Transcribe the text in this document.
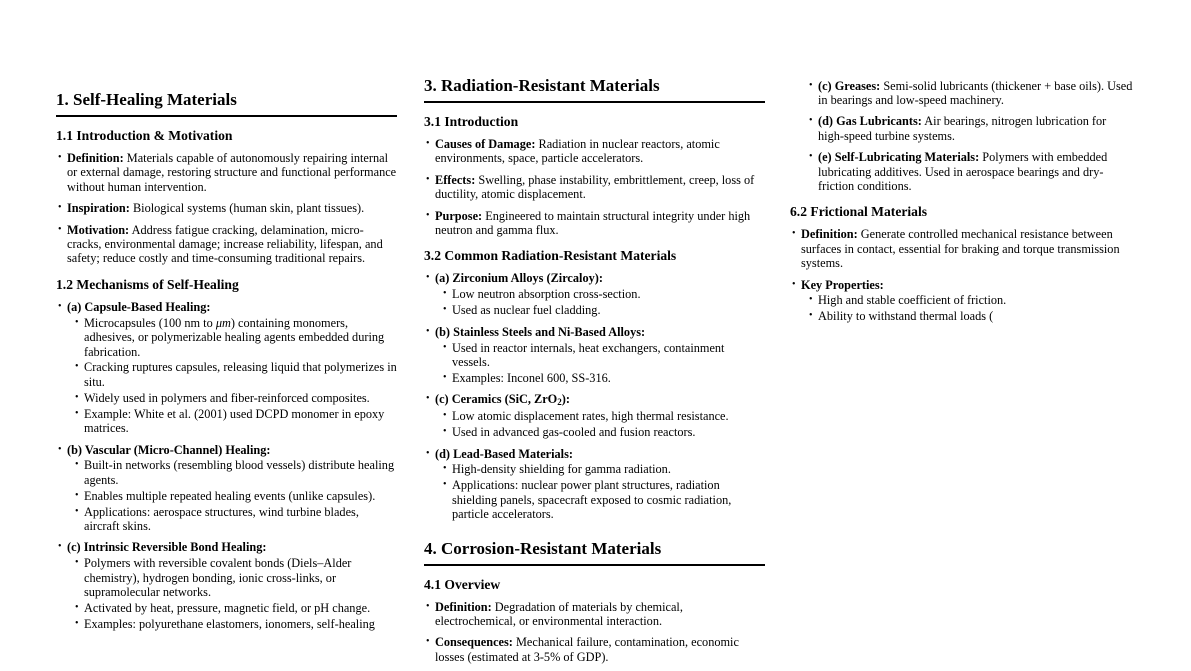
1. Self-Healing Materials
1.1 Introduction & Motivation
• Definition: Materials capable of autonomously repairing internal or external damage, restoring structure and functional performance without human intervention.
• Inspiration: Biological systems (human skin, plant tissues).
• Motivation: Address fatigue cracking, delamination, micro-cracks, environmental damage; increase reliability, lifespan, and safety; reduce costly and time-consuming traditional repairs.
1.2 Mechanisms of Self-Healing
• (a) Capsule-Based Healing:
• Microcapsules (100 nm to μm) containing monomers, adhesives, or polymerizable healing agents embedded during fabrication.
• Cracking ruptures capsules, releasing liquid that polymerizes in situ.
• Widely used in polymers and fiber-reinforced composites.
• Example: White et al. (2001) used DCPD monomer in epoxy matrices.
• (b) Vascular (Micro-Channel) Healing:
• Built-in networks (resembling blood vessels) distribute healing agents.
• Enables multiple repeated healing events (unlike capsules).
• Applications: aerospace structures, wind turbine blades, aircraft skins.
• (c) Intrinsic Reversible Bond Healing:
• Polymers with reversible covalent bonds (Diels–Alder chemistry), hydrogen bonding, ionic cross-links, or supramolecular networks.
• Activated by heat, pressure, magnetic field, or pH change.
• Examples: polyurethane elastomers, ionomers, self-healing
3. Radiation-Resistant Materials
3.1 Introduction
• Causes of Damage: Radiation in nuclear reactors, atomic environments, space, particle accelerators.
• Effects: Swelling, phase instability, embrittlement, creep, loss of ductility, atomic displacement.
• Purpose: Engineered to maintain structural integrity under high neutron and gamma flux.
3.2 Common Radiation-Resistant Materials
• (a) Zirconium Alloys (Zircaloy):
• Low neutron absorption cross-section.
• Used as nuclear fuel cladding.
• (b) Stainless Steels and Ni-Based Alloys:
• Used in reactor internals, heat exchangers, containment vessels.
• Examples: Inconel 600, SS-316.
• (c) Ceramics (SiC, ZrO$_2$):
• Low atomic displacement rates, high thermal resistance.
• Used in advanced gas-cooled and fusion reactors.
• (d) Lead-Based Materials:
• High-density shielding for gamma radiation.
• Applications: nuclear power plant structures, radiation shielding panels, spacecraft exposed to cosmic radiation, particle accelerators.
4. Corrosion-Resistant Materials
4.1 Overview
• Definition: Degradation of materials by chemical, electrochemical, or environmental interaction.
• Consequences: Mechanical failure, contamination, economic losses (estimated at 3-5% of GDP).
• (c) Greases: Semi-solid lubricants (thickener + base oils). Used in bearings and low-speed machinery.
• (d) Gas Lubricants: Air bearings, nitrogen lubrication for high-speed turbine systems.
• (e) Self-Lubricating Materials: Polymers with embedded lubricating additives. Used in aerospace bearings and dry-friction conditions.
6.2 Frictional Materials
• Definition: Generate controlled mechanical resistance between surfaces in contact, essential for braking and torque transmission systems.
• Key Properties:
• High and stable coefficient of friction.
• Ability to withstand thermal loads (
